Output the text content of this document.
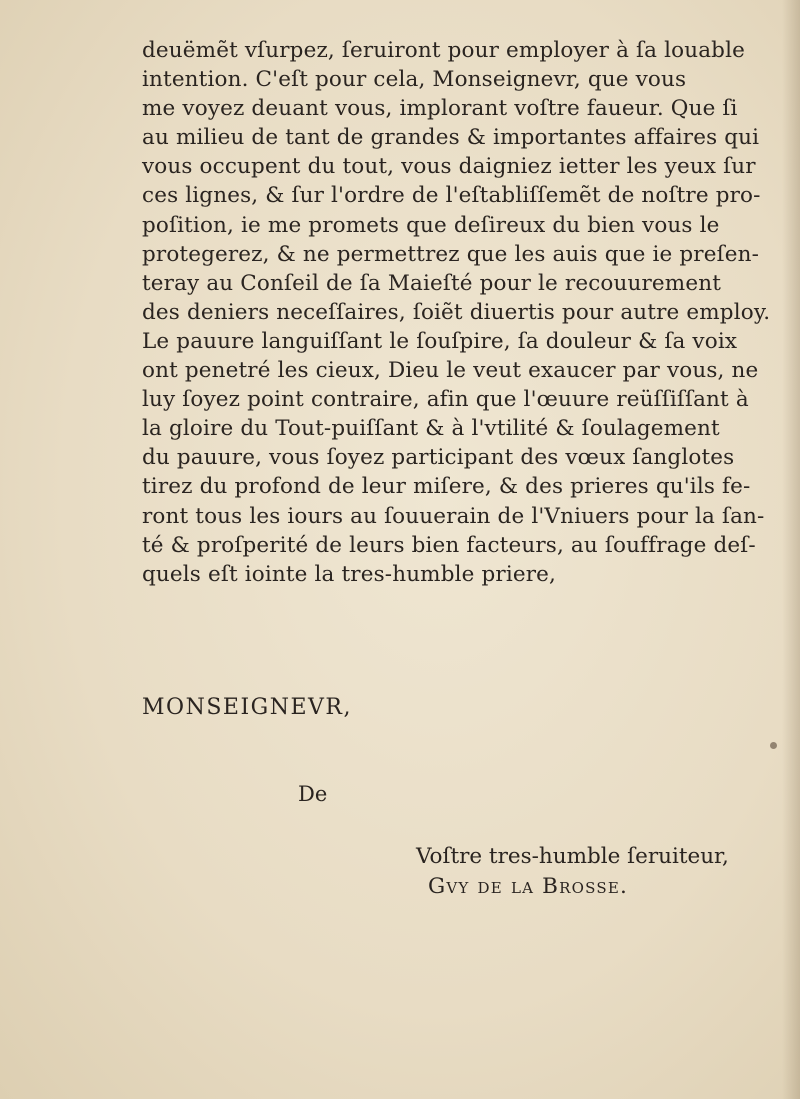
deuëmẽt vſurpez, ſeruiront pour employer à ſa louable
intention. C'eſt pour cela, Monseignevr, que vous
me voyez deuant vous, implorant voſtre faueur. Que ſi
au milieu de tant de grandes & importantes affaires qui
vous occupent du tout, vous daigniez ietter les yeux ſur
ces lignes, & ſur l'ordre de l'eſtabliſſemẽt de noſtre pro-
poſition, ie me promets que deſireux du bien vous le
protegerez, & ne permettrez que les auis que ie preſen-
teray au Conſeil de ſa Maieſté pour le recouurement
des deniers neceſſaires, ſoiẽt diuertis pour autre employ.
Le pauure languiſſant le ſouſpire, ſa douleur & ſa voix
ont penetré les cieux, Dieu le veut exaucer par vous, ne
luy ſoyez point contraire, afin que l'œuure reüſſiſſant à
la gloire du Tout-puiſſant & à l'vtilité & ſoulagement
du pauure, vous ſoyez participant des vœux ſanglotes
tirez du profond de leur miſere, & des prieres qu'ils fe-
ront tous les iours au ſouuerain de l'Vniuers pour la ſan-
té & proſperité de leurs bien facteurs, au ſouffrage deſ-
quels eſt iointe la tres-humble priere,
MONSEIGNEVR,
De
Voſtre tres-humble ſeruiteur,
Gvy de la Brosse.
